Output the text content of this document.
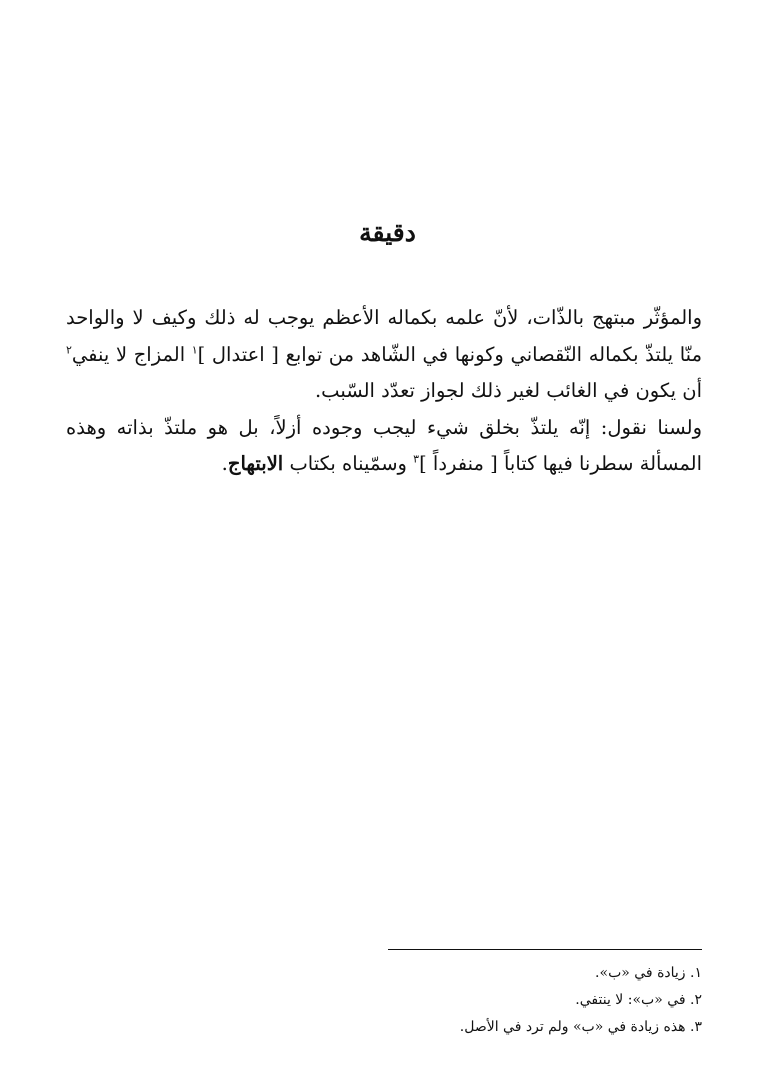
دقيقة

والمؤثّر مبتهج بالذّات، لأنّ علمه بكماله الأعظم يوجب له ذلك وكيف لا والواحد منّا يلتذّ بكماله النّقصاني وكونها في الشّاهد من توابع [ اعتدال ]$^١$ المزاج لا ينفي$^٢$ أن يكون في الغائب لغير ذلك لجواز تعدّد السّبب.

ولسنا نقول: إنّه يلتذّ بخلق شيء ليجب وجوده أزلاً، بل هو ملتذّ بذاته وهذه المسألة سطرنا فيها كتاباً [ منفرداً ]$^٣$ وسمّيناه بكتاب الابتهاج.

١. زيادة في «ب».
٢. في «ب»: لا ينتفي.
٣. هذه زيادة في «ب» ولم ترد في الأصل.
